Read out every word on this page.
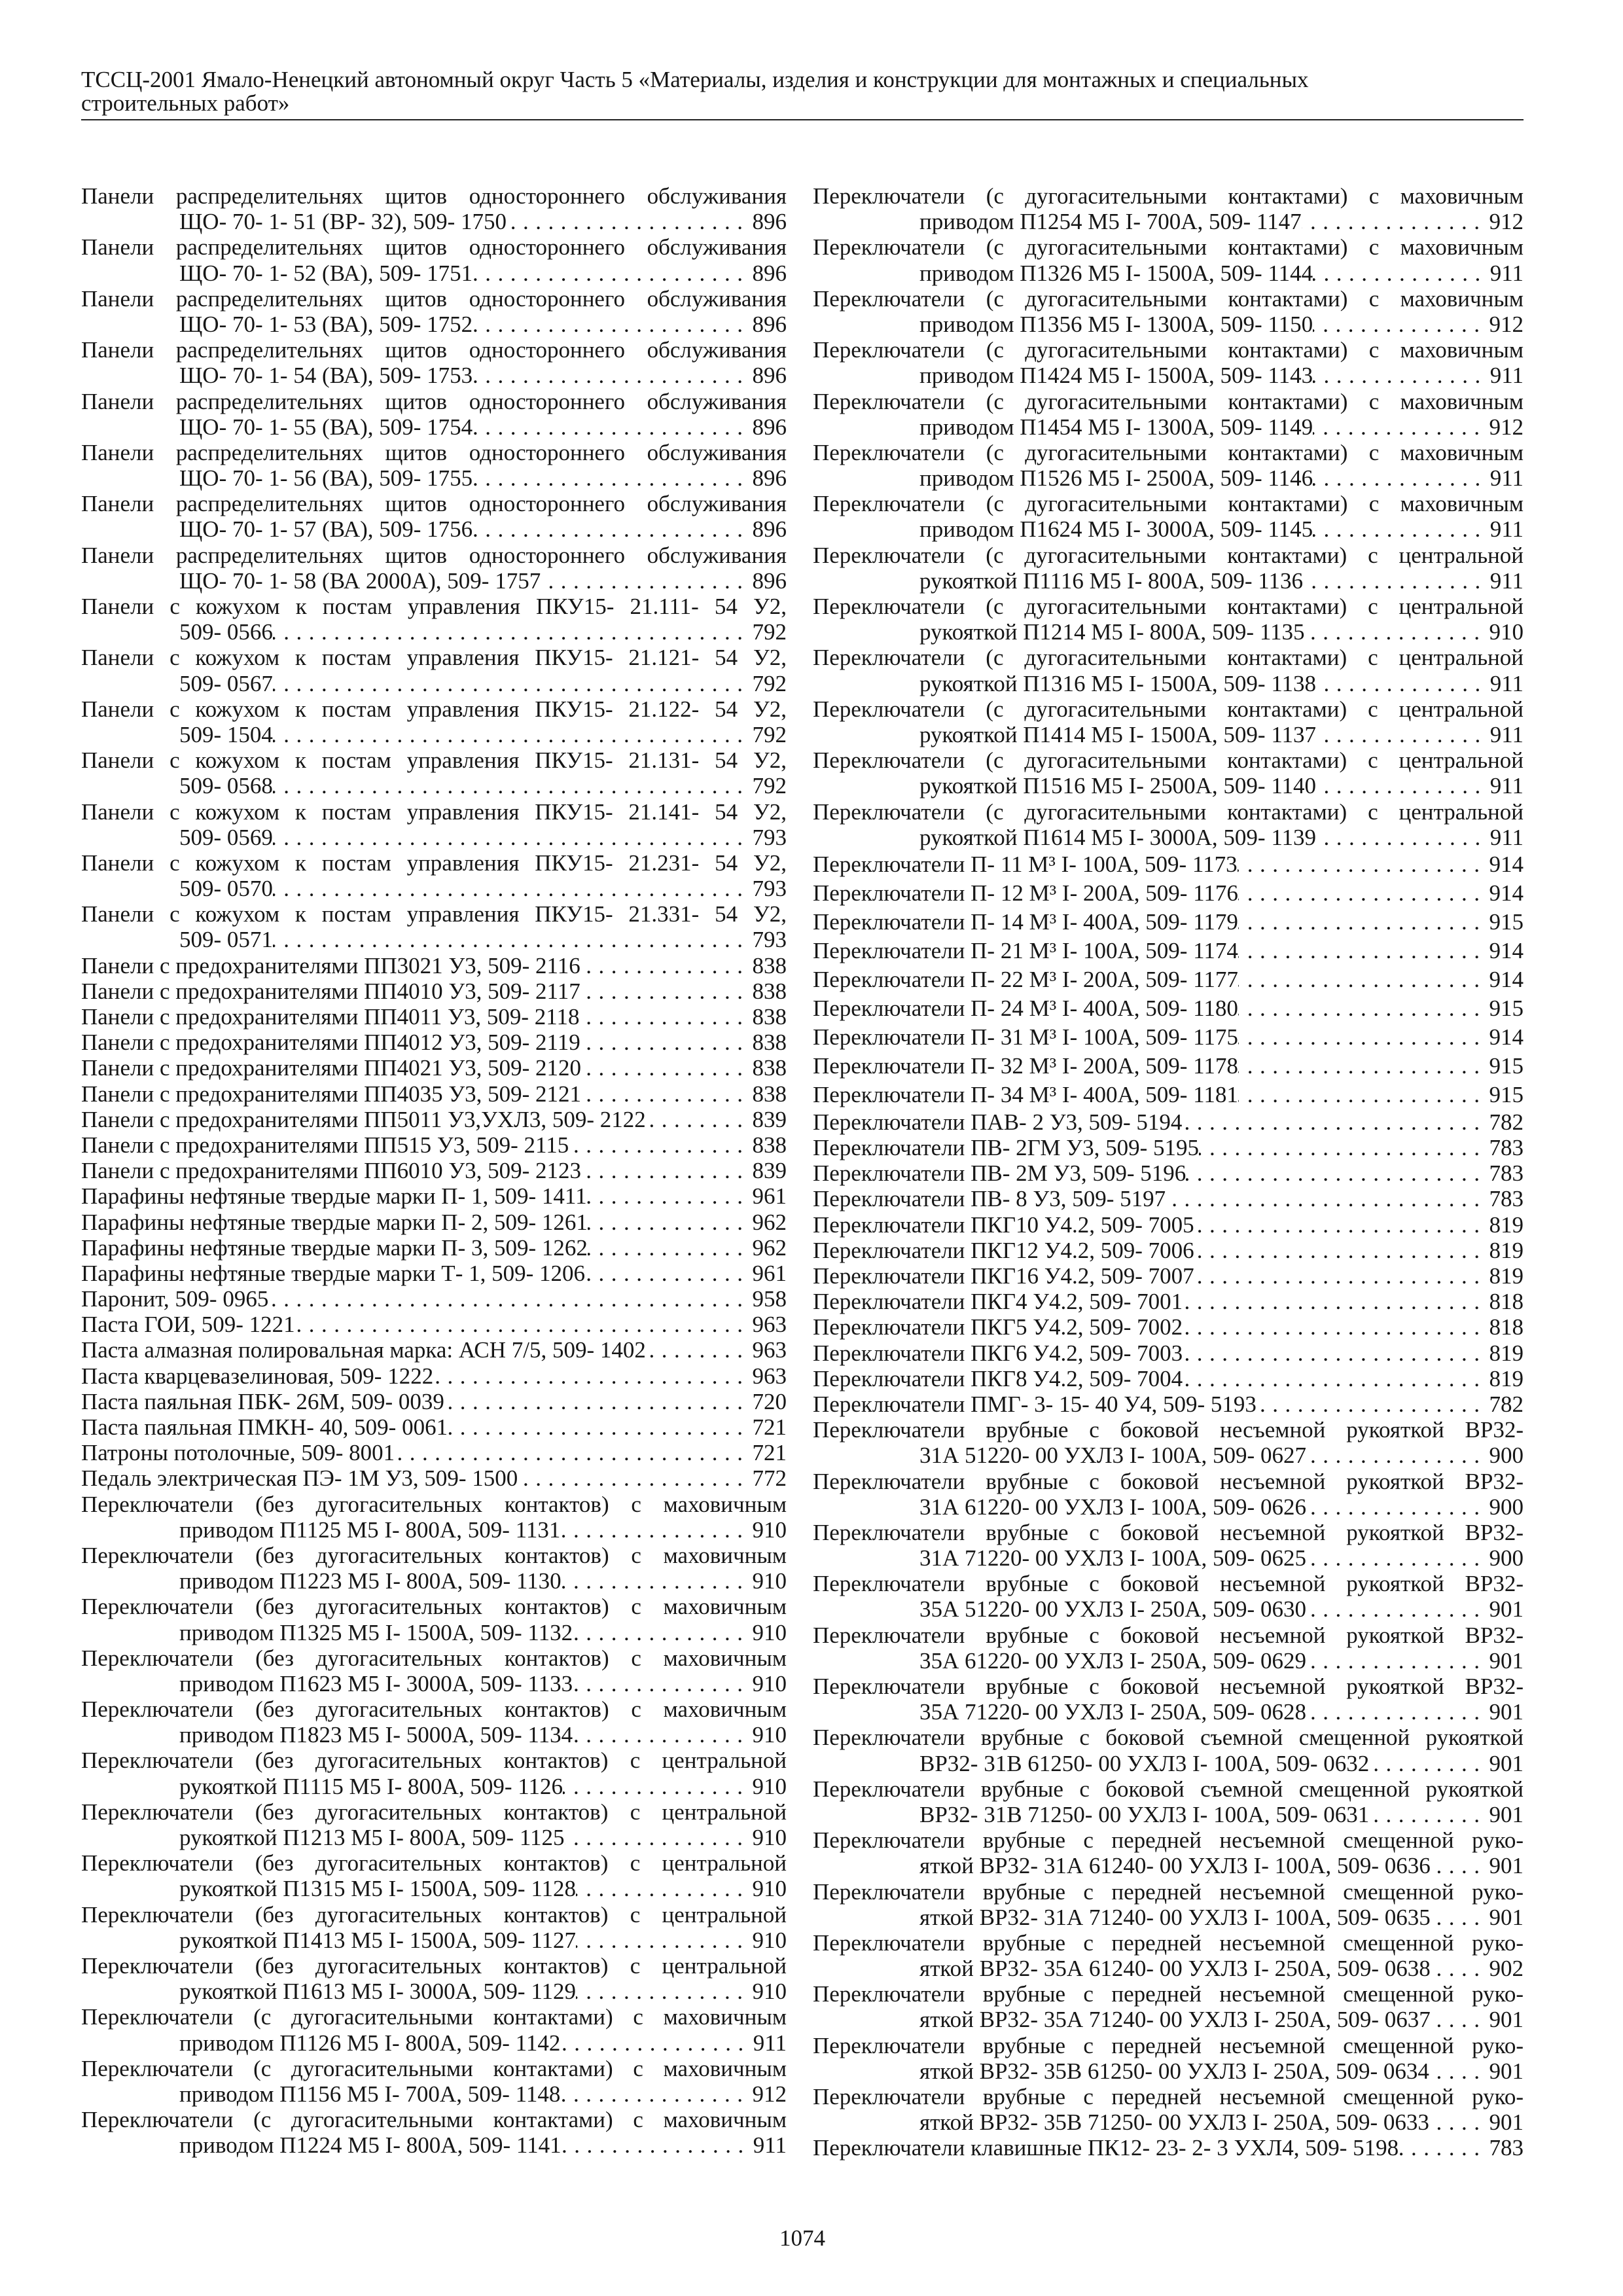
ТССЦ-2001 Ямало-Ненецкий автономный округ Часть 5 «Материалы, изделия и конструкции для монтажных и специальных
строительных работ»
Панели распределительнях щитов одностороннего обслуживания
ЩО- 70- 1- 51 (ВР- 32), 509- 1750 .....	896
Панели распределительнях щитов одностороннего обслуживания
ЩО- 70- 1- 52 (ВА), 509- 1751 .....	896
Панели распределительнях щитов одностороннего обслуживания
ЩО- 70- 1- 53 (ВА), 509- 1752 .....	896
Панели распределительнях щитов одностороннего обслуживания
ЩО- 70- 1- 54 (ВА), 509- 1753 .....	896
Панели распределительнях щитов одностороннего обслуживания
ЩО- 70- 1- 55 (ВА), 509- 1754 .....	896
Панели распределительнях щитов одностороннего обслуживания
ЩО- 70- 1- 56 (ВА), 509- 1755 .....	896
Панели распределительнях щитов одностороннего обслуживания
ЩО- 70- 1- 57 (ВА), 509- 1756 .....	896
Панели распределительнях щитов одностороннего обслуживания
ЩО- 70- 1- 58 (ВА 2000А), 509- 1757 .....	896
Панели с кожухом к постам управления ПКУ15- 21.111- 54 У2,
509- 0566 .....	792
Панели с кожухом к постам управления ПКУ15- 21.121- 54 У2,
509- 0567 .....	792
Панели с кожухом к постам управления ПКУ15- 21.122- 54 У2,
509- 1504 .....	792
Панели с кожухом к постам управления ПКУ15- 21.131- 54 У2,
509- 0568 .....	792
Панели с кожухом к постам управления ПКУ15- 21.141- 54 У2,
509- 0569 .....	793
Панели с кожухом к постам управления ПКУ15- 21.231- 54 У2,
509- 0570 .....	793
Панели с кожухом к постам управления ПКУ15- 21.331- 54 У2,
509- 0571 .....	793
Панели с предохранителями ПП3021 У3, 509- 2116 .....	838
Панели с предохранителями ПП4010 У3, 509- 2117 .....	838
Панели с предохранителями ПП4011 У3, 509- 2118 .....	838
Панели с предохранителями ПП4012 У3, 509- 2119 .....	838
Панели с предохранителями ПП4021 У3, 509- 2120 .....	838
Панели с предохранителями ПП4035 У3, 509- 2121 .....	838
Панели с предохранителями ПП5011 У3,УХЛ3, 509- 2122 .....	839
Панели с предохранителями ПП515 У3, 509- 2115 .....	838
Панели с предохранителями ПП6010 У3, 509- 2123 .....	839
Парафины нефтяные твердые марки П- 1, 509- 1411 .....	961
Парафины нефтяные твердые марки П- 2, 509- 1261 .....	962
Парафины нефтяные твердые марки П- 3, 509- 1262 .....	962
Парафины нефтяные твердые марки Т- 1, 509- 1206 .....	961
Паронит, 509- 0965 .....	958
Паста ГОИ, 509- 1221 .....	963
Паста алмазная полировальная марка: АСН 7/5, 509- 1402 .....	963
Паста кварцевазелиновая, 509- 1222 .....	963
Паста паяльная ПБК- 26М, 509- 0039 .....	720
Паста паяльная ПМКН- 40, 509- 0061 .....	721
Патроны потолочные, 509- 8001 .....	721
Педаль электрическая ПЭ- 1М У3, 509- 1500 .....	772
Переключатели (без дугогасительных контактов) с маховичным
приводом П1125 М5 I- 800А, 509- 1131 .....	910
Переключатели (без дугогасительных контактов) с маховичным
приводом П1223 М5 I- 800А, 509- 1130 .....	910
Переключатели (без дугогасительных контактов) с маховичным
приводом П1325 М5 I- 1500А, 509- 1132 .....	910
Переключатели (без дугогасительных контактов) с маховичным
приводом П1623 М5 I- 3000А, 509- 1133 .....	910
Переключатели (без дугогасительных контактов) с маховичным
приводом П1823 М5 I- 5000А, 509- 1134 .....	910
Переключатели (без дугогасительных контактов) с центральной
рукояткой П1115 М5 I- 800А, 509- 1126 .....	910
Переключатели (без дугогасительных контактов) с центральной
рукояткой П1213 М5 I- 800А, 509- 1125 .....	910
Переключатели (без дугогасительных контактов) с центральной
рукояткой П1315 М5 I- 1500А, 509- 1128 .....	910
Переключатели (без дугогасительных контактов) с центральной
рукояткой П1413 М5 I- 1500А, 509- 1127 .....	910
Переключатели (без дугогасительных контактов) с центральной
рукояткой П1613 М5 I- 3000А, 509- 1129 .....	910
Переключатели (с дугогасительными контактами) с маховичным
приводом П1126 М5 I- 800А, 509- 1142 .....	911
Переключатели (с дугогасительными контактами) с маховичным
приводом П1156 М5 I- 700А, 509- 1148 .....	912
Переключатели (с дугогасительными контактами) с маховичным
приводом П1224 М5 I- 800А, 509- 1141 .....	911
Переключатели (с дугогасительными контактами) с маховичным
приводом П1254 М5 I- 700А, 509- 1147 .....	912
Переключатели (с дугогасительными контактами) с маховичным
приводом П1326 М5 I- 1500А, 509- 1144 .....	911
Переключатели (с дугогасительными контактами) с маховичным
приводом П1356 М5 I- 1300А, 509- 1150 .....	912
Переключатели (с дугогасительными контактами) с маховичным
приводом П1424 М5 I- 1500А, 509- 1143 .....	911
Переключатели (с дугогасительными контактами) с маховичным
приводом П1454 М5 I- 1300А, 509- 1149 .....	912
Переключатели (с дугогасительными контактами) с маховичным
приводом П1526 М5 I- 2500А, 509- 1146 .....	911
Переключатели (с дугогасительными контактами) с маховичным
приводом П1624 М5 I- 3000А, 509- 1145 .....	911
Переключатели (с дугогасительными контактами) с центральной
рукояткой П1116 М5 I- 800А, 509- 1136 .....	911
Переключатели (с дугогасительными контактами) с центральной
рукояткой П1214 М5 I- 800А, 509- 1135 .....	910
Переключатели (с дугогасительными контактами) с центральной
рукояткой П1316 М5 I- 1500А, 509- 1138 .....	911
Переключатели (с дугогасительными контактами) с центральной
рукояткой П1414 М5 I- 1500А, 509- 1137 .....	911
Переключатели (с дугогасительными контактами) с центральной
рукояткой П1516 М5 I- 2500А, 509- 1140 .....	911
Переключатели (с дугогасительными контактами) с центральной
рукояткой П1614 М5 I- 3000А, 509- 1139 .....	911
Переключатели П- 11 М³ I- 100А, 509- 1173 .....	914
Переключатели П- 12 М³ I- 200А, 509- 1176 .....	914
Переключатели П- 14 М³ I- 400А, 509- 1179 .....	915
Переключатели П- 21 М³ I- 100А, 509- 1174 .....	914
Переключатели П- 22 М³ I- 200А, 509- 1177 .....	914
Переключатели П- 24 М³ I- 400А, 509- 1180 .....	915
Переключатели П- 31 М³ I- 100А, 509- 1175 .....	914
Переключатели П- 32 М³ I- 200А, 509- 1178 .....	915
Переключатели П- 34 М³ I- 400А, 509- 1181 .....	915
Переключатели ПАВ- 2 У3, 509- 5194 .....	782
Переключатели ПВ- 2ГМ У3, 509- 5195 .....	783
Переключатели ПВ- 2М У3, 509- 5196 .....	783
Переключатели ПВ- 8 У3, 509- 5197 .....	783
Переключатели ПКГ10 У4.2, 509- 7005 .....	819
Переключатели ПКГ12 У4.2, 509- 7006 .....	819
Переключатели ПКГ16 У4.2, 509- 7007 .....	819
Переключатели ПКГ4 У4.2, 509- 7001 .....	818
Переключатели ПКГ5 У4.2, 509- 7002 .....	818
Переключатели ПКГ6 У4.2, 509- 7003 .....	819
Переключатели ПКГ8 У4.2, 509- 7004 .....	819
Переключатели ПМГ- 3- 15- 40 У4, 509- 5193 .....	782
Переключатели врубные с боковой несъемной рукояткой ВР32-
31А 51220- 00 УХЛ3 I- 100А, 509- 0627 .....	900
Переключатели врубные с боковой несъемной рукояткой ВР32-
31А 61220- 00 УХЛ3 I- 100А, 509- 0626 .....	900
Переключатели врубные с боковой несъемной рукояткой ВР32-
31А 71220- 00 УХЛ3 I- 100А, 509- 0625 .....	900
Переключатели врубные с боковой несъемной рукояткой ВР32-
35А 51220- 00 УХЛ3 I- 250А, 509- 0630 .....	901
Переключатели врубные с боковой несъемной рукояткой ВР32-
35А 61220- 00 УХЛ3 I- 250А, 509- 0629 .....	901
Переключатели врубные с боковой несъемной рукояткой ВР32-
35А 71220- 00 УХЛ3 I- 250А, 509- 0628 .....	901
Переключатели врубные с боковой съемной смещенной рукояткой
ВР32- 31В 61250- 00 УХЛ3 I- 100А, 509- 0632 .....	901
Переключатели врубные с боковой съемной смещенной рукояткой
ВР32- 31В 71250- 00 УХЛ3 I- 100А, 509- 0631 .....	901
Переключатели врубные с передней несъемной смещенной руко-
яткой ВР32- 31А 61240- 00 УХЛ3 I- 100А, 509- 0636 .....	901
Переключатели врубные с передней несъемной смещенной руко-
яткой ВР32- 31А 71240- 00 УХЛ3 I- 100А, 509- 0635 .....	901
Переключатели врубные с передней несъемной смещенной руко-
яткой ВР32- 35А 61240- 00 УХЛ3 I- 250А, 509- 0638 .....	902
Переключатели врубные с передней несъемной смещенной руко-
яткой ВР32- 35А 71240- 00 УХЛ3 I- 250А, 509- 0637 .....	901
Переключатели врубные с передней несъемной смещенной руко-
яткой ВР32- 35В 61250- 00 УХЛ3 I- 250А, 509- 0634 .....	901
Переключатели врубные с передней несъемной смещенной руко-
яткой ВР32- 35В 71250- 00 УХЛ3 I- 250А, 509- 0633 .....	901
Переключатели клавишные ПК12- 23- 2- 3 УХЛ4, 509- 5198 .....	783
1074
